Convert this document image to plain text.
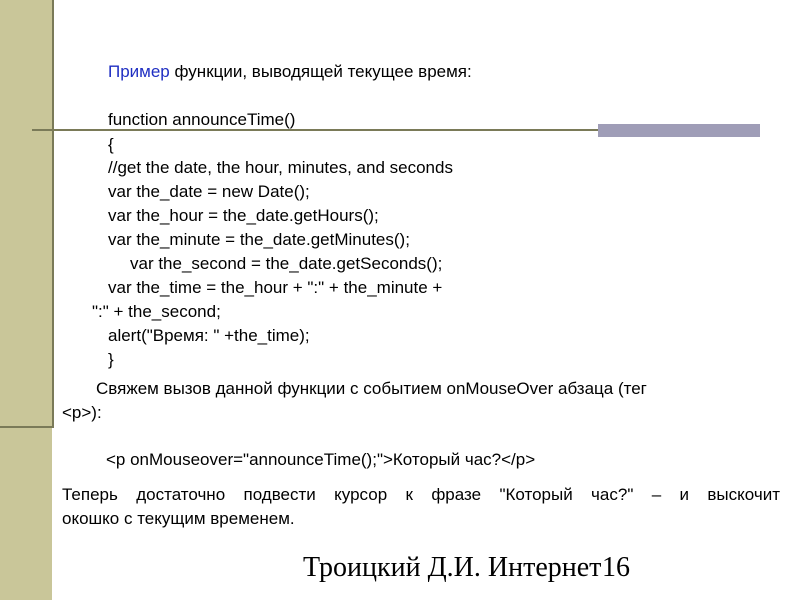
Пример функции, выводящей текущее время:
function announceTime()
{
//get the date, the hour, minutes, and seconds
var the_date = new Date();
var the_hour = the_date.getHours();
var the_minute = the_date.getMinutes();
var the_second = the_date.getSeconds();
var the_time = the_hour + ":" + the_minute +
":" + the_second;
alert("Время: " +the_time);
}
Свяжем вызов данной функции с событием onMouseOver абзаца (тег
<p>):
<p onMouseover="announceTime();">Который час?</p>
Теперь достаточно подвести курсор к фразе "Который час?" – и выскочит
окошко с текущим временем.
Троицкий Д.И. Интернет 16
